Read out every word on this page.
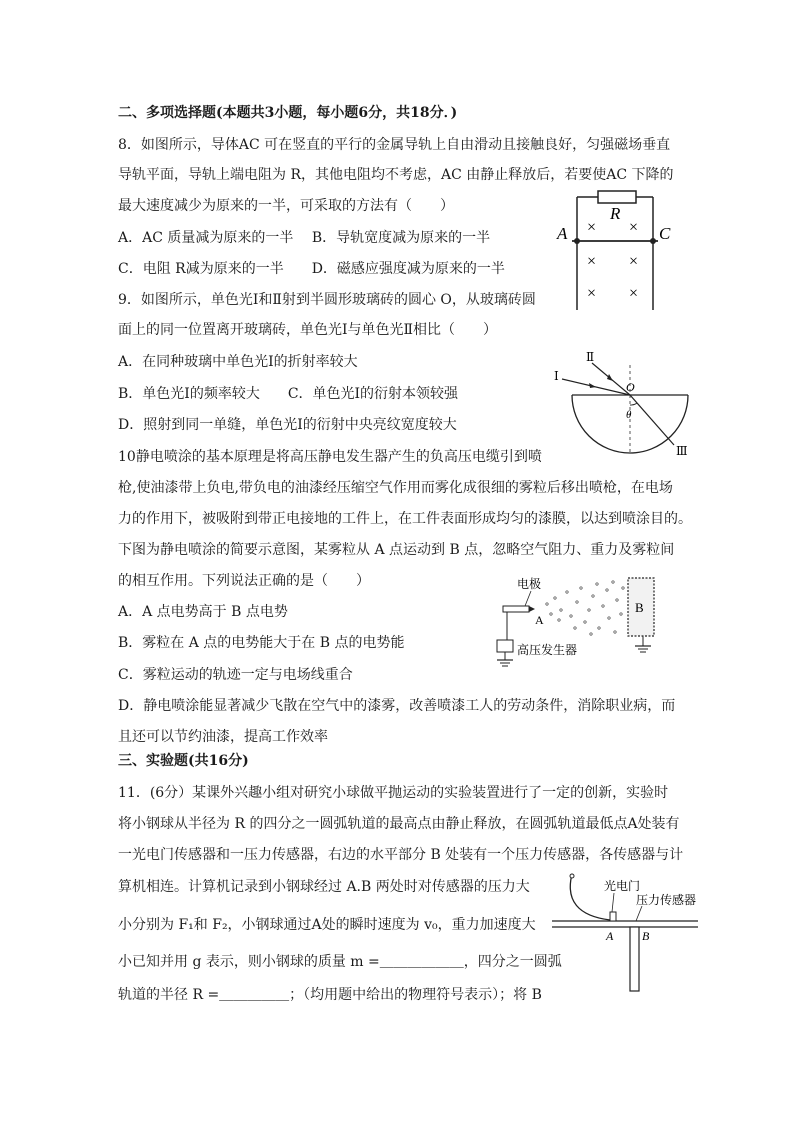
二、多项选择题(本题共3小题，每小题6分，共18分．)
8．如图所示，导体AC 可在竖直的平行的金属导轨上自由滑动且接触良好，匀强磁场垂直
导轨平面，导轨上端电阻为 R，其他电阻均不考虑，AC 由静止释放后，若要使AC 下降的
最大速度减少为原来的一半，可采取的方法有（　　）
A．AC 质量减为原来的一半　 B．导轨宽度减为原来的一半
C．电阻 R减为原来的一半　　D．磁感应强度减为原来的一半
R
A	C
× ×
× ×
× ×
9．如图所示，单色光Ⅰ和Ⅱ射到半圆形玻璃砖的圆心 O，从玻璃砖圆
面上的同一位置离开玻璃砖，单色光Ⅰ与单色光Ⅱ相比（　　）
A．在同种玻璃中单色光Ⅰ的折射率较大
B．单色光Ⅰ的频率较大　　C．单色光Ⅰ的衍射本领较强
D．照射到同一单缝，单色光Ⅰ的衍射中央亮纹宽度较大
Ⅰ
Ⅱ
Ⅲ
O
θ
10静电喷涂的基本原理是将高压静电发生器产生的负高压电缆引到喷
枪,使油漆带上负电,带负电的油漆经压缩空气作用而雾化成很细的雾粒后移出喷枪，在电场
力的作用下，被吸附到带正电接地的工件上，在工件表面形成均匀的漆膜，以达到喷涂目的。
下图为静电喷涂的简要示意图，某雾粒从 A 点运动到 B 点，忽略空气阻力、重力及雾粒间
的相互作用。下列说法正确的是（　　）
A．A 点电势高于 B 点电势
B．雾粒在 A 点的电势能大于在 B 点的电势能
C．雾粒运动的轨迹一定与电场线重合
D．静电喷涂能显著减少飞散在空气中的漆雾，改善喷漆工人的劳动条件，消除职业病，而
且还可以节约油漆，提高工作效率
电极
高压发生器
A
B
三、实验题(共16分)
11．(6分）某课外兴趣小组对研究小球做平抛运动的实验装置进行了一定的创新，实验时
将小钢球从半径为 R 的四分之一圆弧轨道的最高点由静止释放，在圆弧轨道最低点A处装有
一光电门传感器和一压力传感器，右边的水平部分 B 处装有一个压力传感器，各传感器与计
算机相连。计算机记录到小钢球经过 A.B 两处时对传感器的压力大
小分别为 F₁和 F₂，小钢球通过A处的瞬时速度为 v₀，重力加速度大
小已知并用 g 表示，则小钢球的质量 m =＿＿＿＿＿＿，四分之一圆弧
轨道的半径 R =＿＿＿＿＿；（均用题中给出的物理符号表示）；将 B
光电门
压力传感器
A B
